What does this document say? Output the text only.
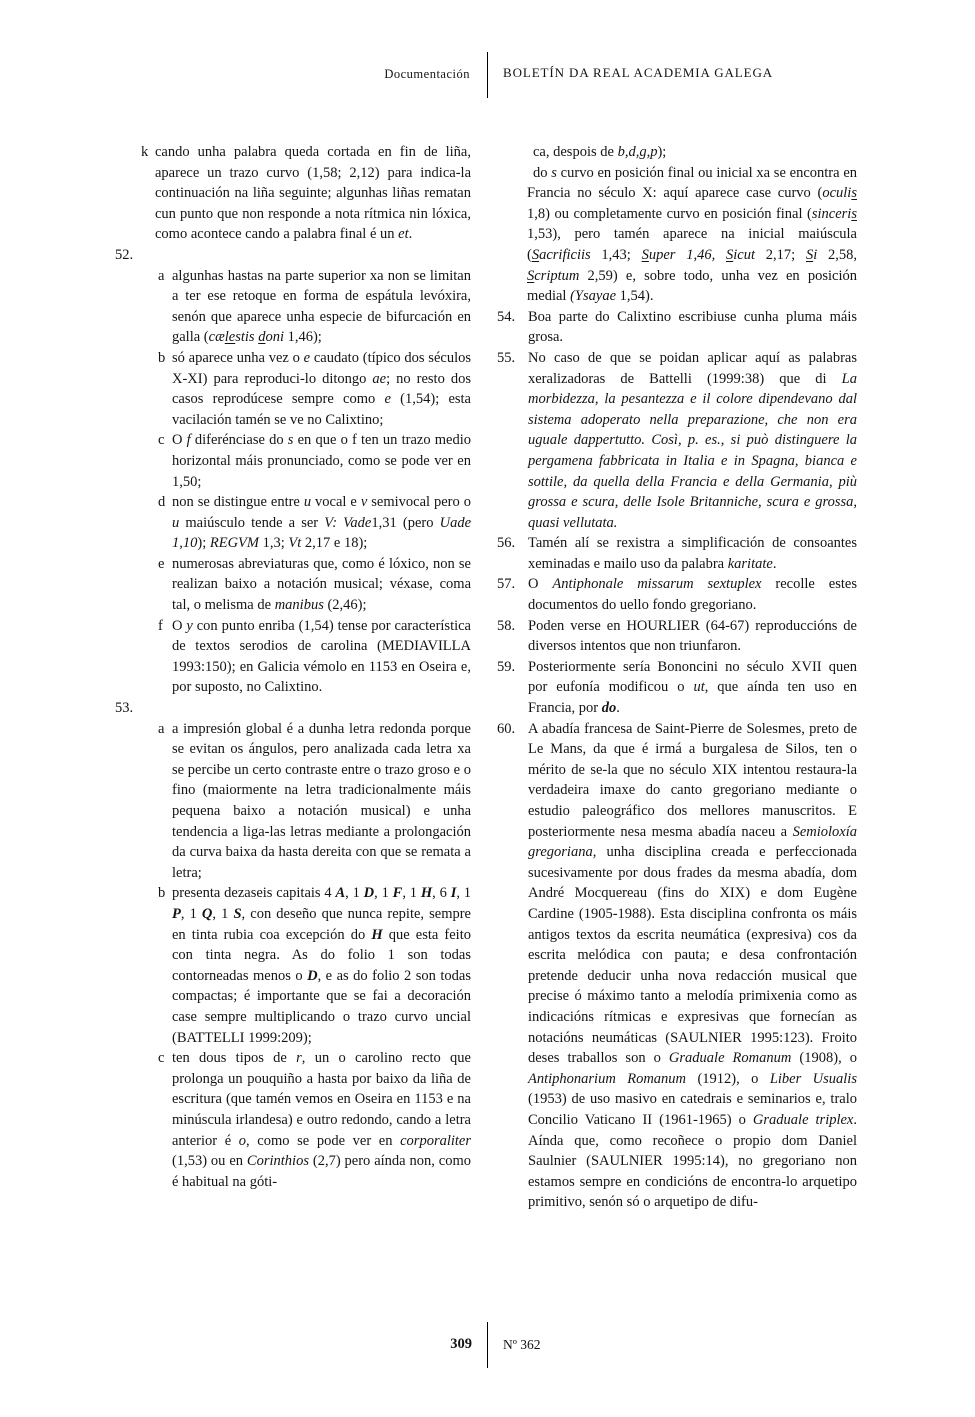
Documentación	BOLETÍN DA REAL ACADEMIA GALEGA
k cando unha palabra queda cortada en fin de liña, aparece un trazo curvo (1,58; 2,12) para indica-la continuación na liña seguinte; algunhas liñas rematan cun punto que non responde a nota rítmica nin lóxica, como acontece cando a palabra final é un et.
52.
a algunhas hastas na parte superior xa non se limitan a ter ese retoque en forma de espátula levóxira, senón que aparece unha especie de bifurcación en galla (cælestis doni 1,46);
b só aparece unha vez o e caudato (típico dos séculos X-XI) para reproduci-lo ditongo ae; no resto dos casos reprodúcese sempre como e (1,54); esta vacilación tamén se ve no Calixtino;
c O f diferénciase do s en que o f ten un trazo medio horizontal máis pronunciado, como se pode ver en 1,50;
d non se distingue entre u vocal e v semivocal pero o u maiúsculo tende a ser V: Vade1,31 (pero Uade 1,10); REGVM 1,3; Vt 2,17 e 18);
e numerosas abreviaturas que, como é lóxico, non se realizan baixo a notación musical; véxase, coma tal, o melisma de manibus (2,46);
f O y con punto enriba (1,54) tense por característica de textos serodios de carolina (MEDIAVILLA 1993:150); en Galicia vémolo en 1153 en Oseira e, por suposto, no Calixtino.
53.
a a impresión global é a dunha letra redonda porque se evitan os ángulos, pero analizada cada letra xa se percibe un certo contraste entre o trazo groso e o fino (maiormente na letra tradicionalmente máis pequena baixo a notación musical) e unha tendencia a liga-las letras mediante a prolongación da curva baixa da hasta dereita con que se remata a letra;
b presenta dezaseis capitais 4 A, 1 D, 1 F, 1 H, 6 I, 1 P, 1 Q, 1 S, con deseño que nunca repite, sempre en tinta rubia coa excepción do H que esta feito con tinta negra. As do folio 1 son todas contorneadas menos o D, e as do folio 2 son todas compactas; é importante que se fai a decoración case sempre multiplicando o trazo curvo uncial (BATTELLI 1999:209);
c ten dous tipos de r, un o carolino recto que prolonga un pouquiño a hasta por baixo da liña de escritura (que tamén vemos en Oseira en 1153 e na minúscula irlandesa) e outro redondo, cando a letra anterior é o, como se pode ver en corporaliter (1,53) ou en Corinthios (2,7) pero aínda non, como é habitual na góti-
ca, despois de b,d,g,p);
do s curvo en posición final ou inicial xa se encontra en Francia no século X: aquí aparece case curvo (oculis 1,8) ou completamente curvo en posición final (sinceris 1,53), pero tamén aparece na inicial maiúscula (Sacrificiis 1,43; Super 1,46, Sicut 2,17; Si 2,58, Scriptum 2,59) e, sobre todo, unha vez en posición medial (Ysayae 1,54).
54. Boa parte do Calixtino escribiuse cunha pluma máis grosa.
55. No caso de que se poidan aplicar aquí as palabras xeralizadoras de Battelli (1999:38) que di La morbidezza, la pesantezza e il colore dipendevano dal sistema adoperato nella preparazione, che non era uguale dappertutto. Così, p. es., si può distinguere la pergamena fabbricata in Italia e in Spagna, bianca e sottile, da quella della Francia e della Germania, più grossa e scura, delle Isole Britanniche, scura e grossa, quasi vellutata.
56. Tamén alí se rexistra a simplificación de consoantes xeminadas e mailo uso da palabra karitate.
57. O Antiphonale missarum sextuplex recolle estes documentos do uello fondo gregoriano.
58. Poden verse en HOURLIER (64-67) reproduccións de diversos intentos que non triunfaron.
59. Posteriormente sería Bononcini no século XVII quen por eufonía modificou o ut, que aínda ten uso en Francia, por do.
60. A abadía francesa de Saint-Pierre de Solesmes, preto de Le Mans, da que é irmá a burgalesa de Silos, ten o mérito de se-la que no século XIX intentou restaura-la verdadeira imaxe do canto gregoriano mediante o estudio paleográfico dos mellores manuscritos. E posteriormente nesa mesma abadía naceu a Semioloxía gregoriana, unha disciplina creada e perfeccionada sucesivamente por dous frades da mesma abadía, dom André Mocquereau (fins do XIX) e dom Eugène Cardine (1905-1988). Esta disciplina confronta os máis antigos textos da escrita neumática (expresiva) cos da escrita melódica con pauta; e desa confrontación pretende deducir unha nova redacción musical que precise ó máximo tanto a melodía primixenia como as indicacións rítmicas e expresivas que fornecían as notacións neumáticas (SAULNIER 1995:123). Froito deses traballos son o Graduale Romanum (1908), o Antiphonarium Romanum (1912), o Liber Usualis (1953) de uso masivo en catedrais e seminarios e, tralo Concilio Vaticano II (1961-1965) o Graduale triplex. Aínda que, como recoñece o propio dom Daniel Saulnier (SAULNIER 1995:14), no gregoriano non estamos sempre en condicións de encontra-lo arquetipo primitivo, senón só o arquetipo de difu-
309 Nº 362
